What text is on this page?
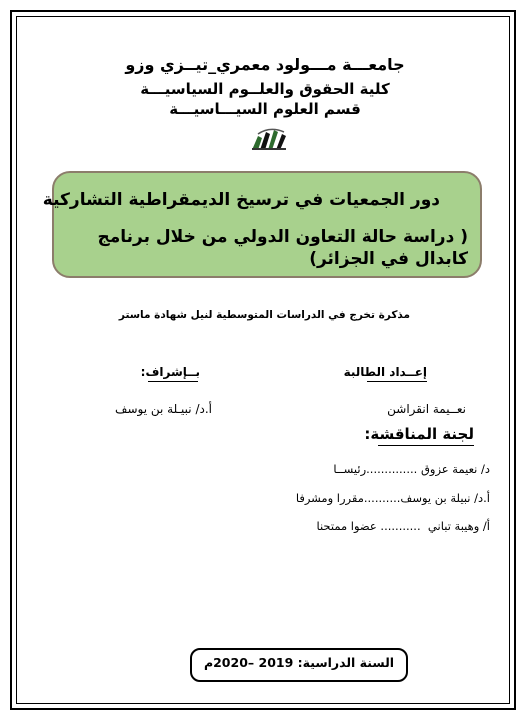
جامعـــة مـــولود معمري_تيــزي وزو
كلية الحقوق والعلــوم السياسيـــة
قسم العلوم السيـــاسيـــة
دور الجمعيات في ترسيخ الديمقراطية التشاركية
( دراسة حالة التعاون الدولي من خلال برنامج كابدال في الجزائر)
مذكرة تخرج في الدراسات المتوسطية لنيل شهادة ماستر
إعــداد الطالبة
بــإشراف:
نعــيمة انقراشن
أ.د/ نبيـلة بن يوسف
لجنة المناقشة:
د/ نعيمة عزوق ..............رئيســا
أ.د/ نبيلة بن يوسف..........مقررا ومشرفا
أ/ وهيبة تباني  ........... عضوا ممتحنا
السنة الدراسية: 2019 –2020م
